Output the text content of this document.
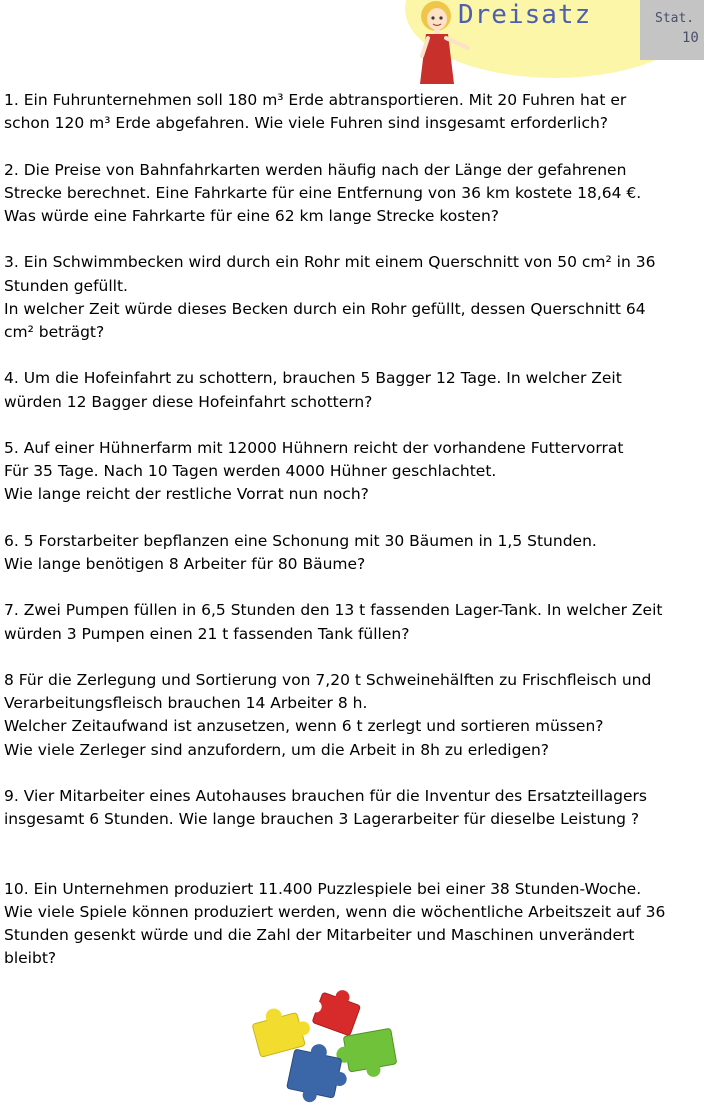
Dreisatz	Stat.
10
1. Ein Fuhrunternehmen soll 180 m³ Erde abtransportieren. Mit 20 Fuhren hat er
schon 120 m³ Erde abgefahren. Wie viele Fuhren sind insgesamt erforderlich?
2. Die Preise von Bahnfahrkarten werden häufig nach der Länge der gefahrenen
Strecke berechnet. Eine Fahrkarte für eine Entfernung von 36 km kostete 18,64 €.
Was würde eine Fahrkarte für eine 62 km lange Strecke kosten?
3. Ein Schwimmbecken wird durch ein Rohr mit einem Querschnitt von 50 cm² in 36
Stunden gefüllt.
In welcher Zeit würde dieses Becken durch ein Rohr gefüllt, dessen Querschnitt 64
cm² beträgt?
4. Um die Hofeinfahrt zu schottern, brauchen 5 Bagger 12 Tage. In welcher Zeit
würden 12 Bagger diese Hofeinfahrt schottern?
5. Auf einer Hühnerfarm mit 12000 Hühnern reicht der vorhandene Futtervorrat
Für 35 Tage. Nach 10 Tagen werden 4000 Hühner geschlachtet.
Wie lange reicht der restliche Vorrat nun noch?
6. 5 Forstarbeiter bepflanzen eine Schonung mit 30 Bäumen in 1,5 Stunden.
Wie lange benötigen 8 Arbeiter für 80 Bäume?
7. Zwei Pumpen füllen in 6,5 Stunden den 13 t fassenden Lager-Tank. In welcher Zeit
würden 3 Pumpen einen 21 t fassenden Tank füllen?
8 Für die Zerlegung und Sortierung von 7,20 t Schweinehälften zu Frischfleisch und
Verarbeitungsfleisch brauchen 14 Arbeiter 8 h.
Welcher Zeitaufwand ist anzusetzen, wenn 6 t zerlegt und sortieren müssen?
Wie viele Zerleger sind anzufordern, um die Arbeit in 8h zu erledigen?
9. Vier Mitarbeiter eines Autohauses brauchen für die Inventur des Ersatzteillagers
insgesamt 6 Stunden. Wie lange brauchen 3 Lagerarbeiter für dieselbe Leistung ?
10. Ein Unternehmen produziert 11.400 Puzzlespiele bei einer 38 Stunden-Woche.
Wie viele Spiele können produziert werden, wenn die wöchentliche Arbeitszeit auf 36
Stunden gesenkt würde und die Zahl der Mitarbeiter und Maschinen unverändert
bleibt?
